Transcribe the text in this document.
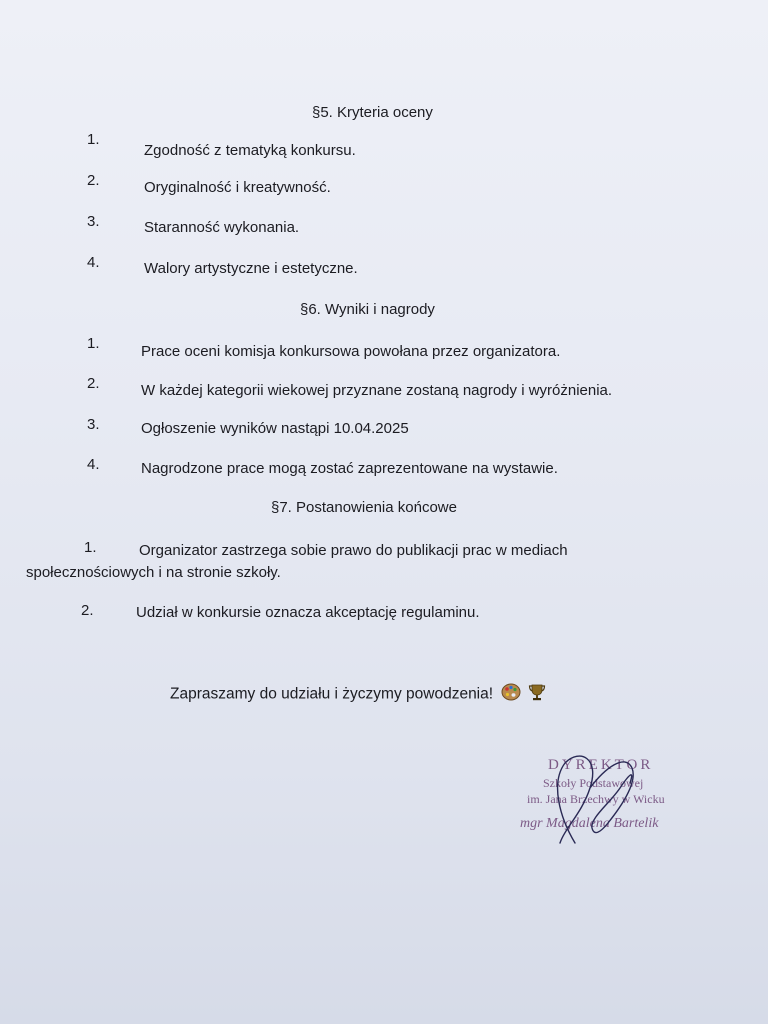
§5. Kryteria oceny
1.
Zgodność z tematyką konkursu.
2.	Oryginalność i kreatywność.
3.	Staranność wykonania.
4.	Walory artystyczne i estetyczne.
§6. Wyniki i nagrody
1.	Prace oceni komisja konkursowa powołana przez organizatora.
2.	W każdej kategorii wiekowej przyznane zostaną nagrody i wyróżnienia.
3.	Ogłoszenie wyników nastąpi 10.04.2025
4.	Nagrodzone prace mogą zostać zaprezentowane na wystawie.
§7. Postanowienia końcowe
1.	Organizator zastrzega sobie prawo do publikacji prac w mediach
społecznościowych i na stronie szkoły.
2.	Udział w konkursie oznacza akceptację regulaminu.
Zapraszamy do udziału i życzymy powodzenia!
DYREKTOR
Szkoły Podstawowej
im. Jana Brzechwy w Wicku
mgr Magdalena Bartelik
